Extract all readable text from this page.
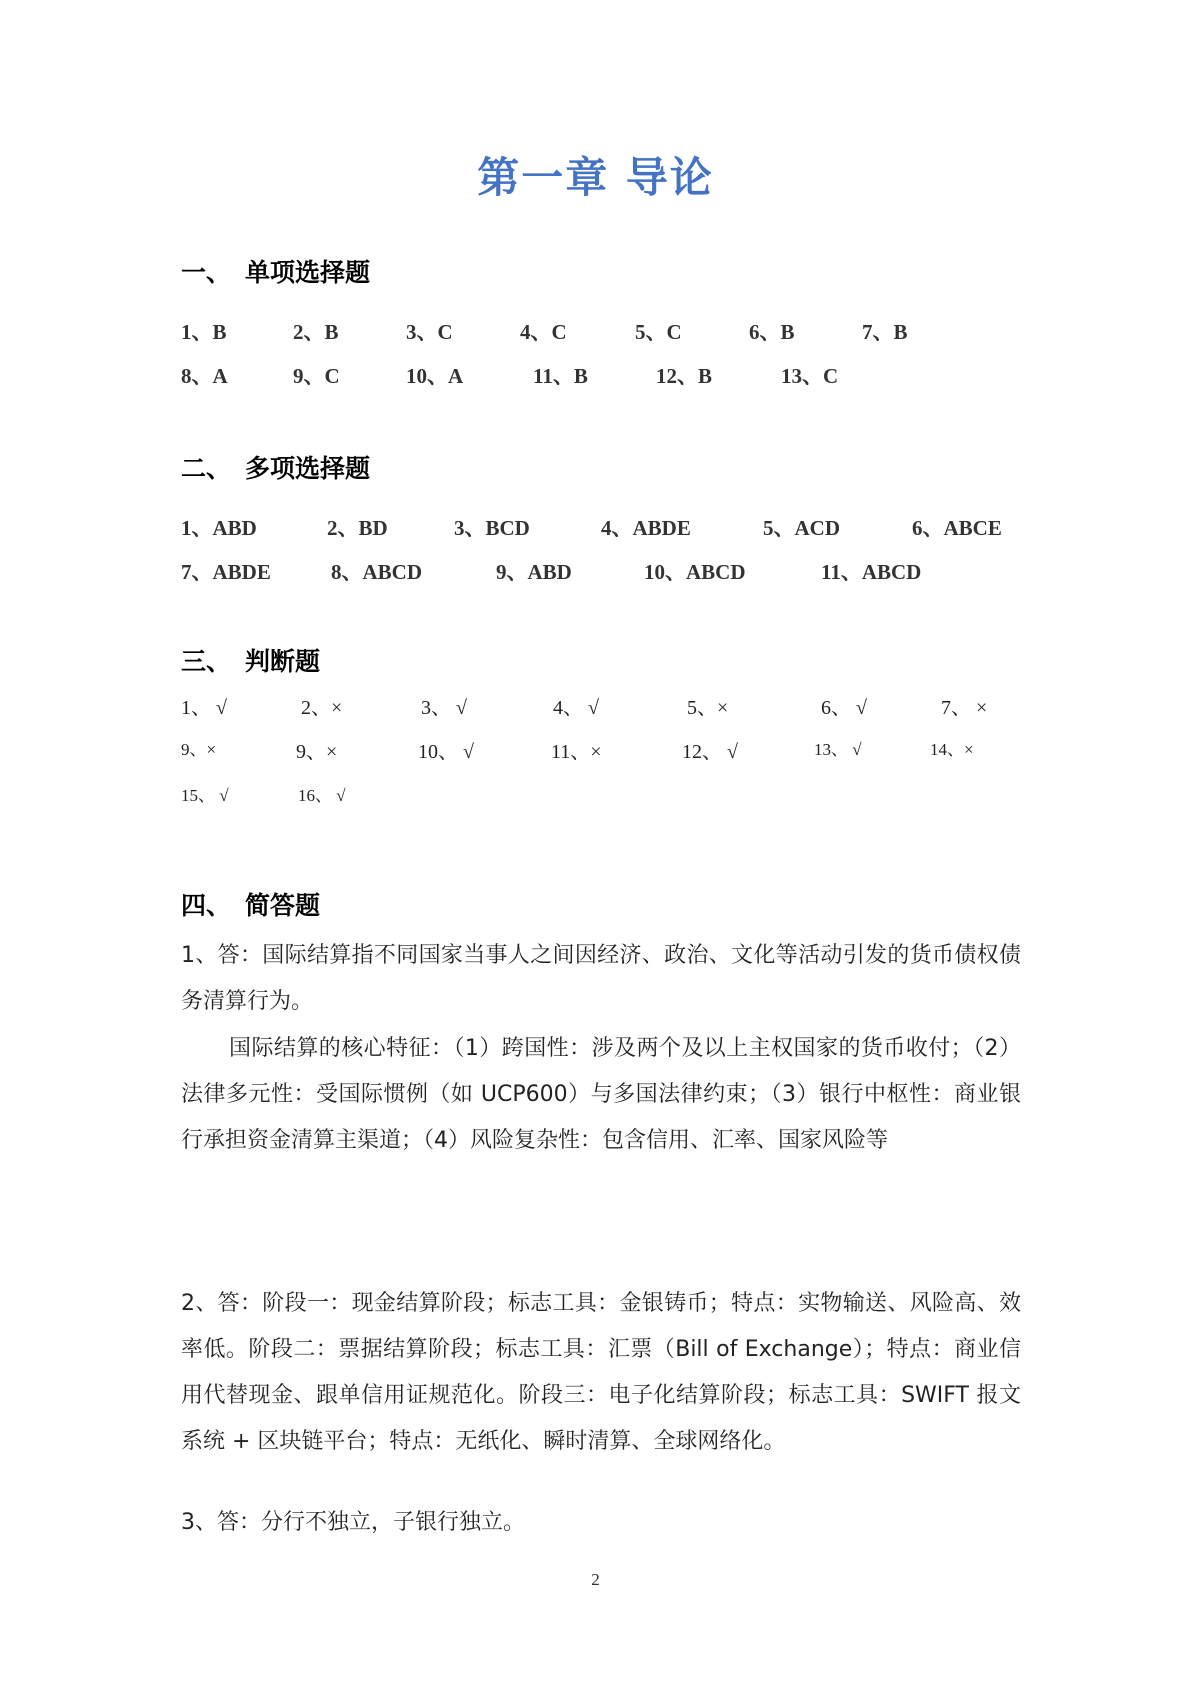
第一章 导论
一、 单项选择题
1、B	2、B	3、C	4、C	5、C	6、B	7、B
8、A	9、C	10、A	11、B	12、B	13、C
二、 多项选择题
1、ABD	2、BD	3、BCD	4、ABDE	5、ACD	6、ABCE
7、ABDE	8、ABCD	9、ABD	10、ABCD	11、ABCD
三、 判断题
1、 √	2、×	3、 √	4、 √	5、×	6、 √	7、 ×
9、×	9、×	10、 √	11、×	12、 √	13、 √	14、×
15、 √	16、 √
四、 简答题
1、答：国际结算指不同国家当事人之间因经济、政治、文化等活动引发的货币债权债务清算行为。
国际结算的核心特征：（1）跨国性：涉及两个及以上主权国家的货币收付；（2）法律多元性：受国际惯例（如 UCP600）与多国法律约束；（3）银行中枢性：商业银行承担资金清算主渠道；（4）风险复杂性：包含信用、汇率、国家风险等
2、答：阶段一：现金结算阶段；标志工具：金银铸币；特点：实物输送、风险高、效率低。阶段二：票据结算阶段；标志工具：汇票（Bill of Exchange）；特点：商业信用代替现金、跟单信用证规范化。阶段三：电子化结算阶段；标志工具：SWIFT 报文系统 + 区块链平台；特点：无纸化、瞬时清算、全球网络化。
3、答：分行不独立，子银行独立。
2
